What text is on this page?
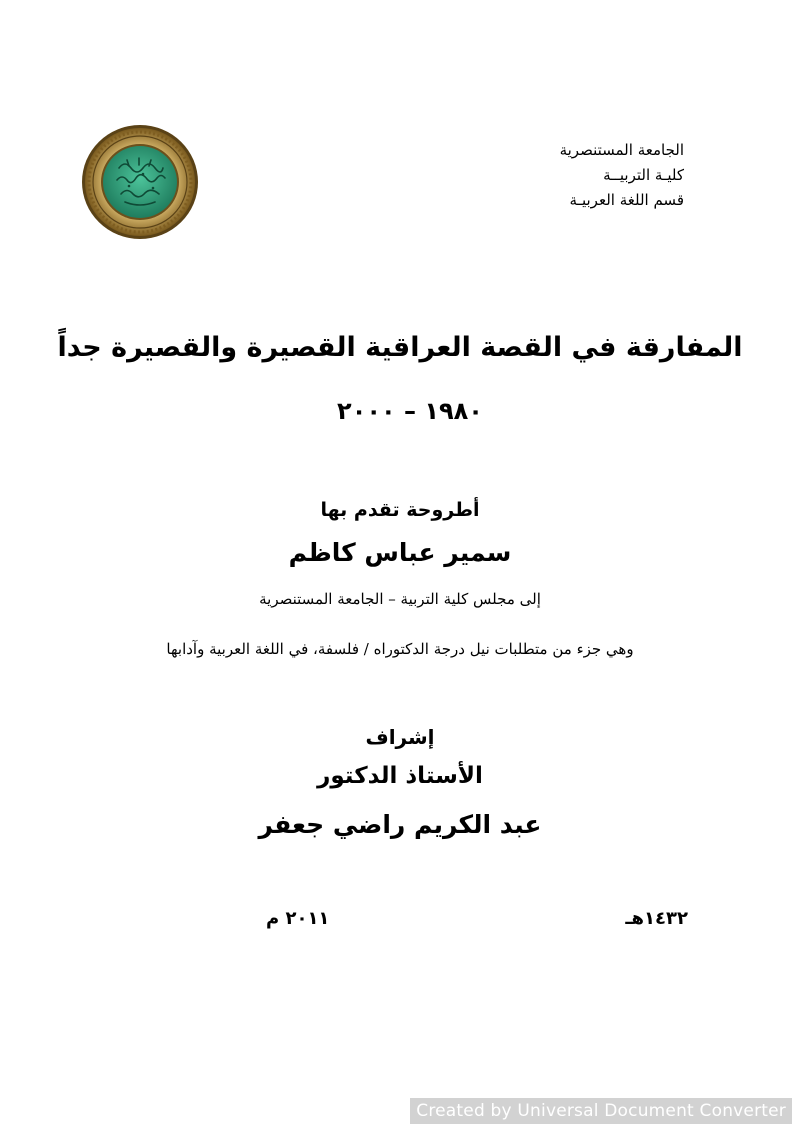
الجامعة المستنصرية
كليـة التربيــة
قسم اللغة العربيـة
المفارقة في القصة العراقية القصيرة والقصيرة جداً
١٩٨٠ – ٢٠٠٠
أطروحة تقدم بها
سمير عباس كاظم
إلى مجلس كلية التربية – الجامعة المستنصرية
وهي جزء من متطلبات نيل درجة الدكتوراه / فلسفة، في اللغة العربية وآدابها
إشراف
الأستاذ الدكتور
عبد الكريم راضي جعفر
١٤٣٢هـ
٢٠١١ م
Created by Universal Document Converter
